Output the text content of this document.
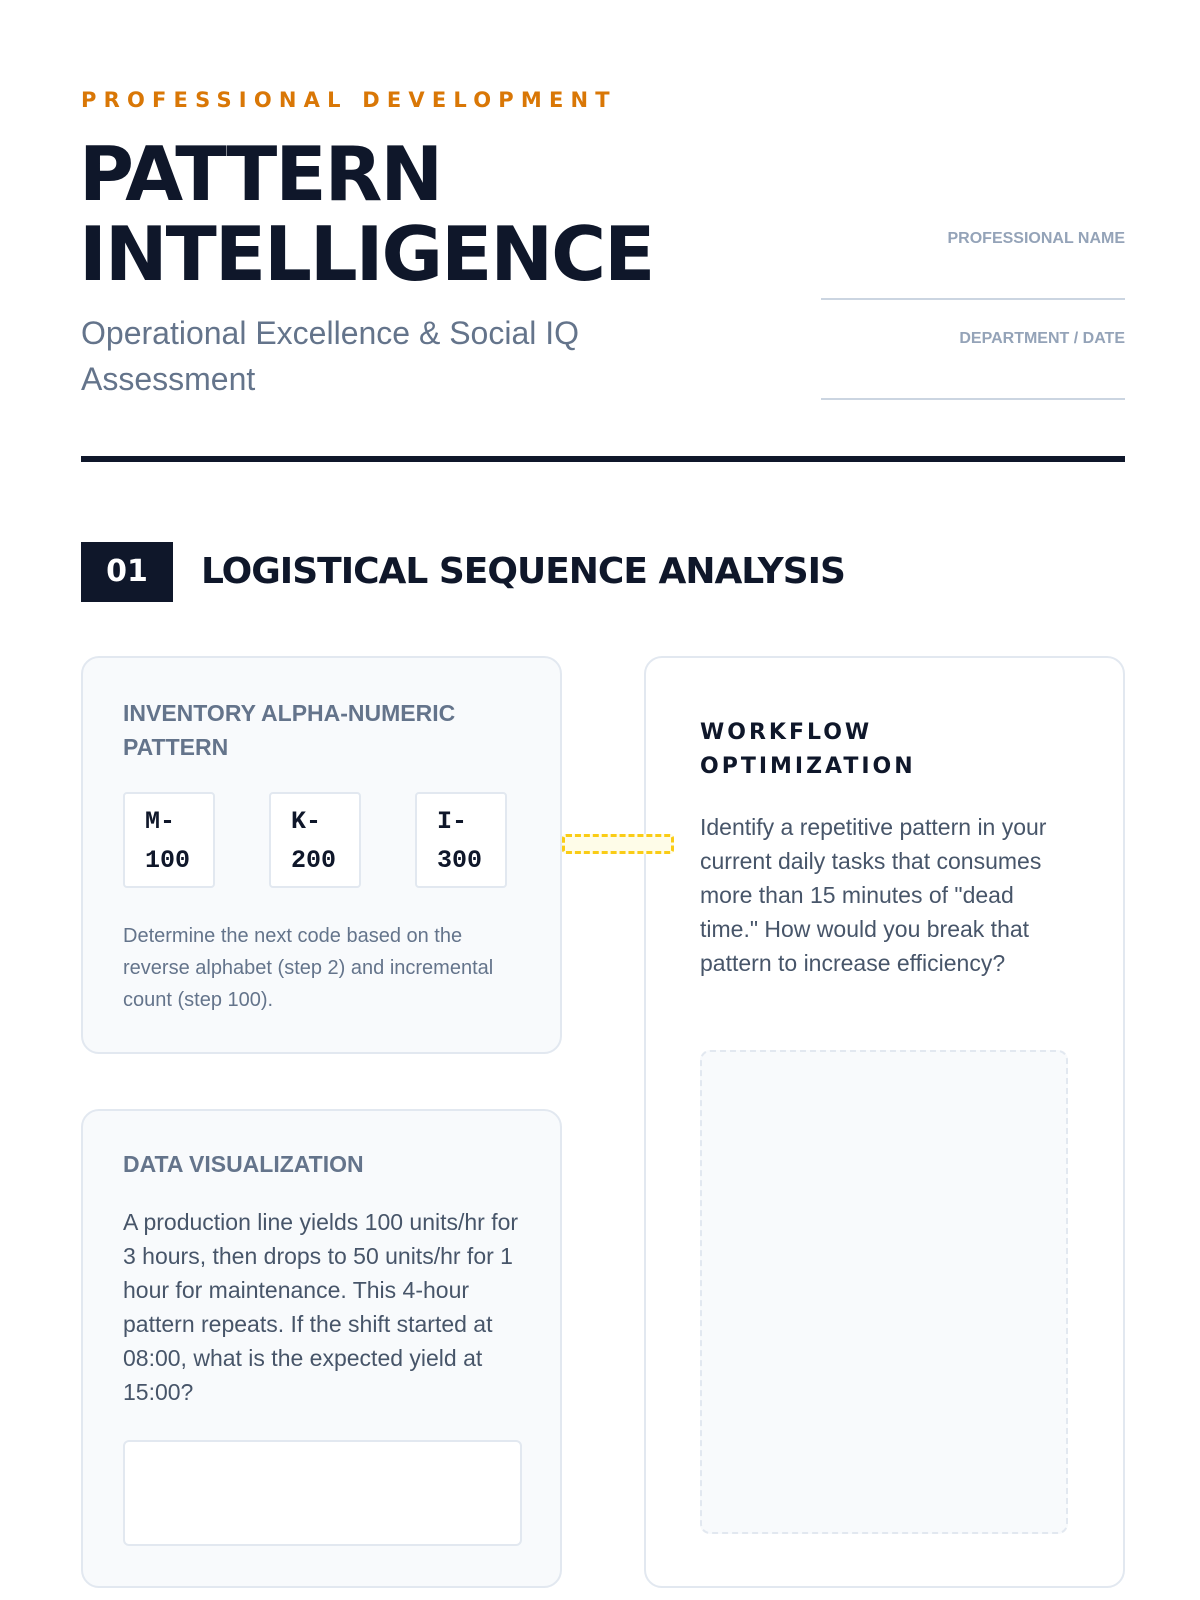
PROFESSIONAL DEVELOPMENT
PATTERN
INTELLIGENCE
Operational Excellence & Social IQ Assessment
PROFESSIONAL NAME
DEPARTMENT / DATE
01	LOGISTICAL SEQUENCE ANALYSIS
INVENTORY ALPHA-NUMERIC PATTERN
M-
100
K-
200
I-
300

Determine the next code based on the reverse alphabet (step 2) and incremental count (step 100).

DATA VISUALIZATION

A production line yields 100 units/hr for 3 hours, then drops to 50 units/hr for 1 hour for maintenance. This 4-hour pattern repeats. If the shift started at 08:00, what is the expected yield at 15:00?

WORKFLOW OPTIMIZATION

Identify a repetitive pattern in your current daily tasks that consumes more than 15 minutes of "dead time." How would you break that pattern to increase efficiency?
